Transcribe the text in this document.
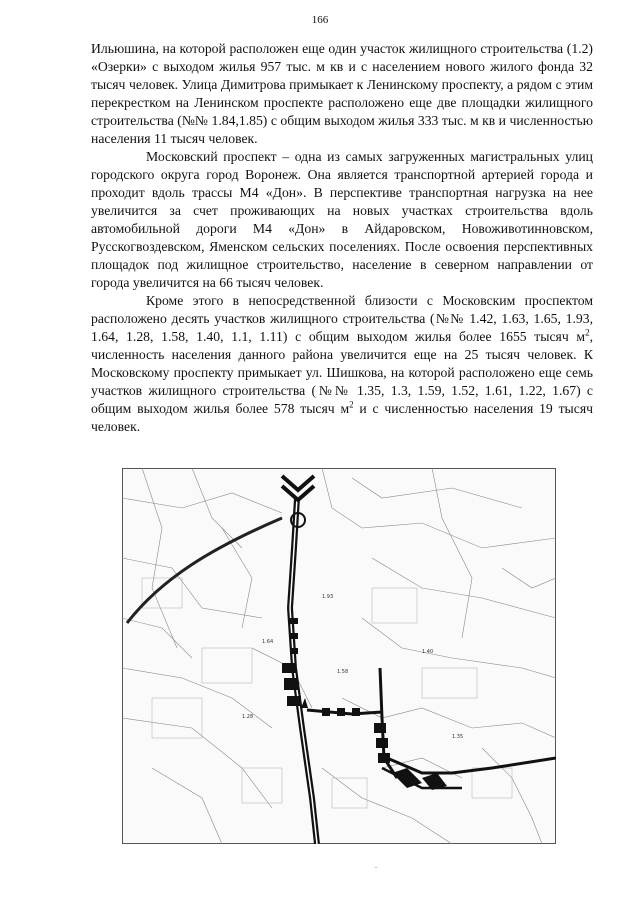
166

Ильюшина, на которой расположен еще один участок жилищного строительства (1.2) «Озерки» с выходом жилья 957 тыс. м кв и с населением нового жилого фонда 32 тысяч человек. Улица Димитрова примыкает к Ленинскому проспекту, а рядом с этим перекрестком на Ленинском проспекте расположено еще две площадки жилищного строительства (№№ 1.84,1.85) с общим выходом жилья 333 тыс. м кв и численностью населения 11 тысяч человек.

Московский проспект – одна из самых загруженных магистральных улиц городского округа город Воронеж. Она является транспортной артерией города и проходит вдоль трассы М4 «Дон». В перспективе транспортная нагрузка на нее увеличится за счет проживающих на новых участках строительства вдоль автомобильной дороги М4 «Дон» в Айдаровском, Новоживотинновском, Русскогвоздевском, Яменском сельских поселениях. После освоения перспективных площадок под жилищное строительство, население в северном направлении от города увеличится на 66 тысяч человек.

Кроме этого в непосредственной близости с Московским проспектом расположено десять участков жилищного строительства (№№ 1.42, 1.63, 1.65, 1.93, 1.64, 1.28, 1.58, 1.40, 1.1, 1.11) с общим выходом жилья более 1655 тысяч $м^2$, численность населения данного района увеличится еще на 25 тысяч человек. К Московскому проспекту примыкает ул. Шишкова, на которой расположено еще семь участков жилищного строительства (№№ 1.35, 1.3, 1.59, 1.52, 1.61, 1.22, 1.67) с общим выходом жилья более 578 тысяч $м^2$ и с численностью населения 19 тысяч человек.

1.93
1.64
1.58
1.40
1.28
1.35
.
